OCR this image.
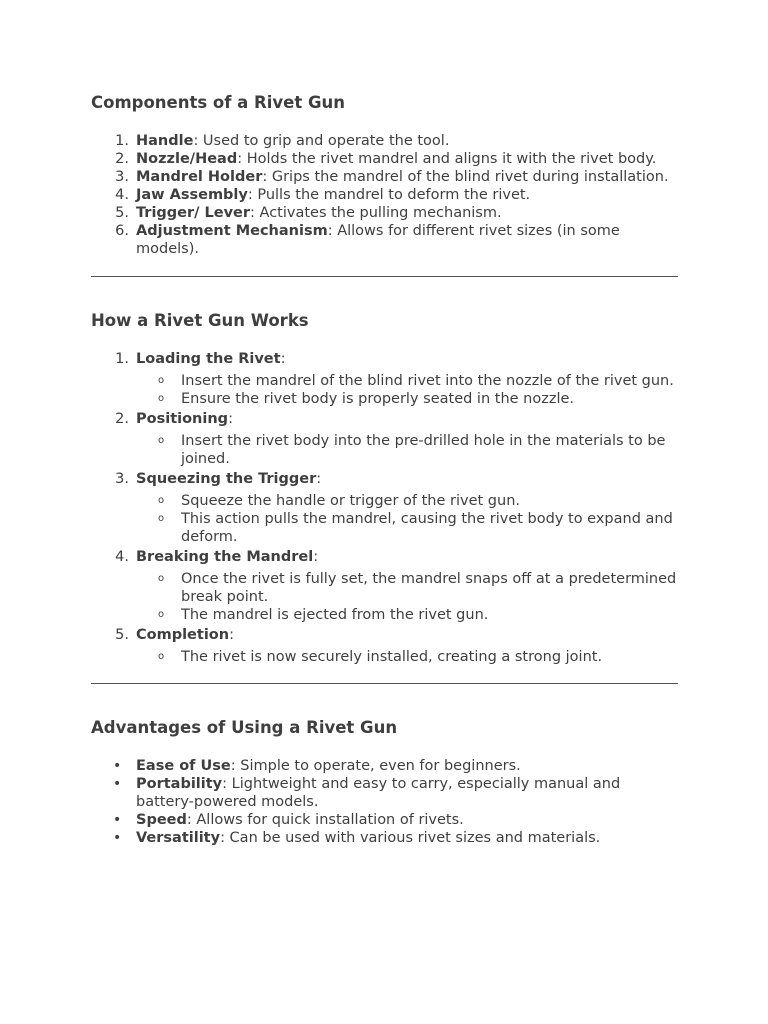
Components of a Rivet Gun
1. Handle: Used to grip and operate the tool.
2. Nozzle/Head: Holds the rivet mandrel and aligns it with the rivet body.
3. Mandrel Holder: Grips the mandrel of the blind rivet during installation.
4. Jaw Assembly: Pulls the mandrel to deform the rivet.
5. Trigger/ Lever: Activates the pulling mechanism.
6. Adjustment Mechanism: Allows for different rivet sizes (in some models).
How a Rivet Gun Works
1. Loading the Rivet:
o Insert the mandrel of the blind rivet into the nozzle of the rivet gun.
o Ensure the rivet body is properly seated in the nozzle.
2. Positioning:
o Insert the rivet body into the pre-drilled hole in the materials to be joined.
3. Squeezing the Trigger:
o Squeeze the handle or trigger of the rivet gun.
o This action pulls the mandrel, causing the rivet body to expand and deform.
4. Breaking the Mandrel:
o Once the rivet is fully set, the mandrel snaps off at a predetermined break point.
o The mandrel is ejected from the rivet gun.
5. Completion:
o The rivet is now securely installed, creating a strong joint.
Advantages of Using a Rivet Gun
• Ease of Use: Simple to operate, even for beginners.
• Portability: Lightweight and easy to carry, especially manual and battery-powered models.
• Speed: Allows for quick installation of rivets.
• Versatility: Can be used with various rivet sizes and materials.
